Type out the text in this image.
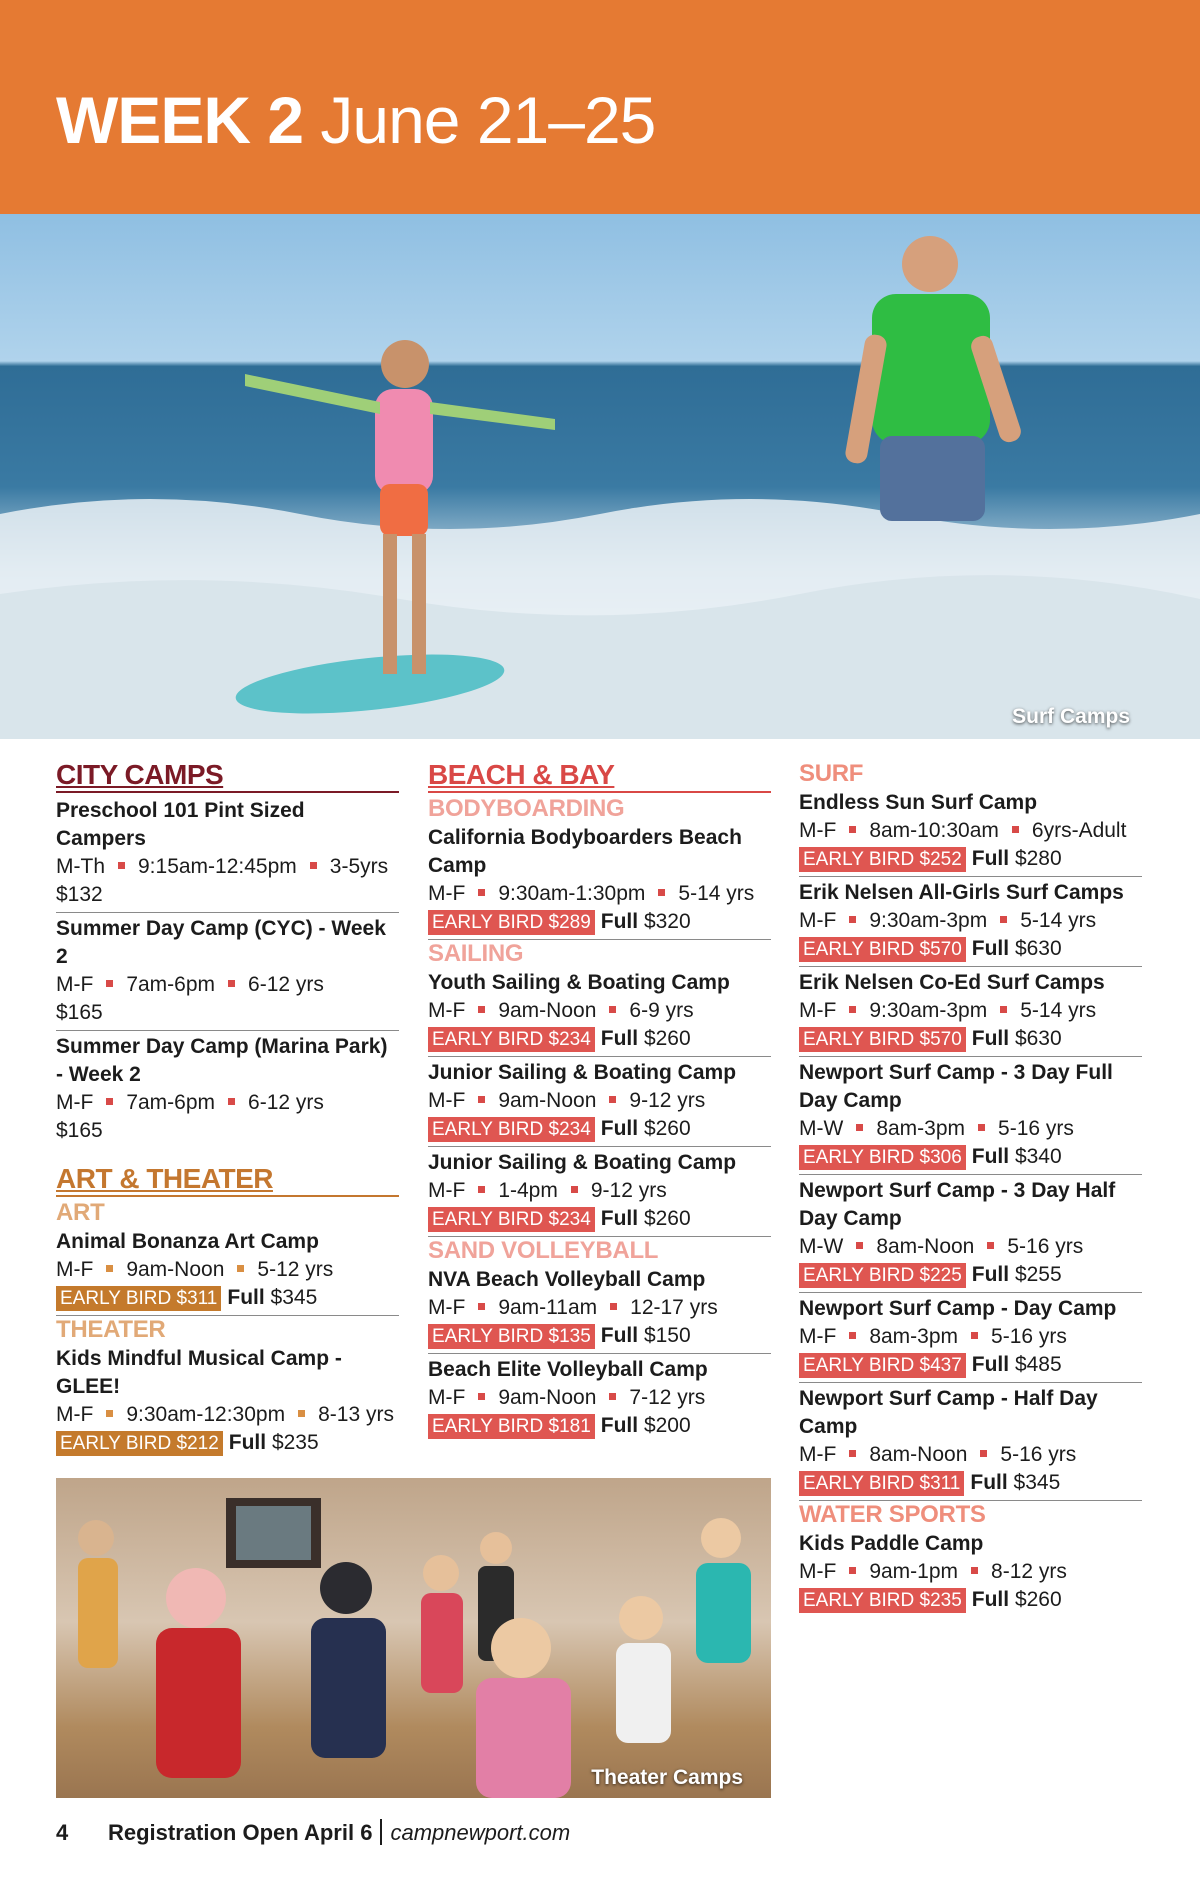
WEEK 2 June 21–25
Surf Camps
CITY CAMPS
Preschool 101 Pint Sized Campers
M-Th 9:15am-12:45pm 3-5yrs
$132
Summer Day Camp (CYC) - Week 2
M-F 7am-6pm 6-12 yrs
$165
Summer Day Camp (Marina Park) - Week 2
M-F 7am-6pm 6-12 yrs
$165
ART & THEATER
ART
Animal Bonanza Art Camp
M-F 9am-Noon 5-12 yrs
EARLY BIRD $311 Full $345
THEATER
Kids Mindful Musical Camp - GLEE!
M-F 9:30am-12:30pm 8-13 yrs
EARLY BIRD $212 Full $235
BEACH & BAY
BODYBOARDING
California Bodyboarders Beach Camp
M-F 9:30am-1:30pm 5-14 yrs
EARLY BIRD $289 Full $320
SAILING
Youth Sailing & Boating Camp
M-F 9am-Noon 6-9 yrs
EARLY BIRD $234 Full $260
Junior Sailing & Boating Camp
M-F 9am-Noon 9-12 yrs
EARLY BIRD $234 Full $260
Junior Sailing & Boating Camp
M-F 1-4pm 9-12 yrs
EARLY BIRD $234 Full $260
SAND VOLLEYBALL
NVA Beach Volleyball Camp
M-F 9am-11am 12-17 yrs
EARLY BIRD $135 Full $150
Beach Elite Volleyball Camp
M-F 9am-Noon 7-12 yrs
EARLY BIRD $181 Full $200
SURF
Endless Sun Surf Camp
M-F 8am-10:30am 6yrs-Adult
EARLY BIRD $252 Full $280
Erik Nelsen All-Girls Surf Camps
M-F 9:30am-3pm 5-14 yrs
EARLY BIRD $570 Full $630
Erik Nelsen Co-Ed Surf Camps
M-F 9:30am-3pm 5-14 yrs
EARLY BIRD $570 Full $630
Newport Surf Camp - 3 Day Full Day Camp
M-W 8am-3pm 5-16 yrs
EARLY BIRD $306 Full $340
Newport Surf Camp - 3 Day Half Day Camp
M-W 8am-Noon 5-16 yrs
EARLY BIRD $225 Full $255
Newport Surf Camp - Day Camp
M-F 8am-3pm 5-16 yrs
EARLY BIRD $437 Full $485
Newport Surf Camp - Half Day Camp
M-F 8am-Noon 5-16 yrs
EARLY BIRD $311 Full $345
WATER SPORTS
Kids Paddle Camp
M-F 9am-1pm 8-12 yrs
EARLY BIRD $235 Full $260
Theater Camps
4 Registration Open April 6 campnewport.com
